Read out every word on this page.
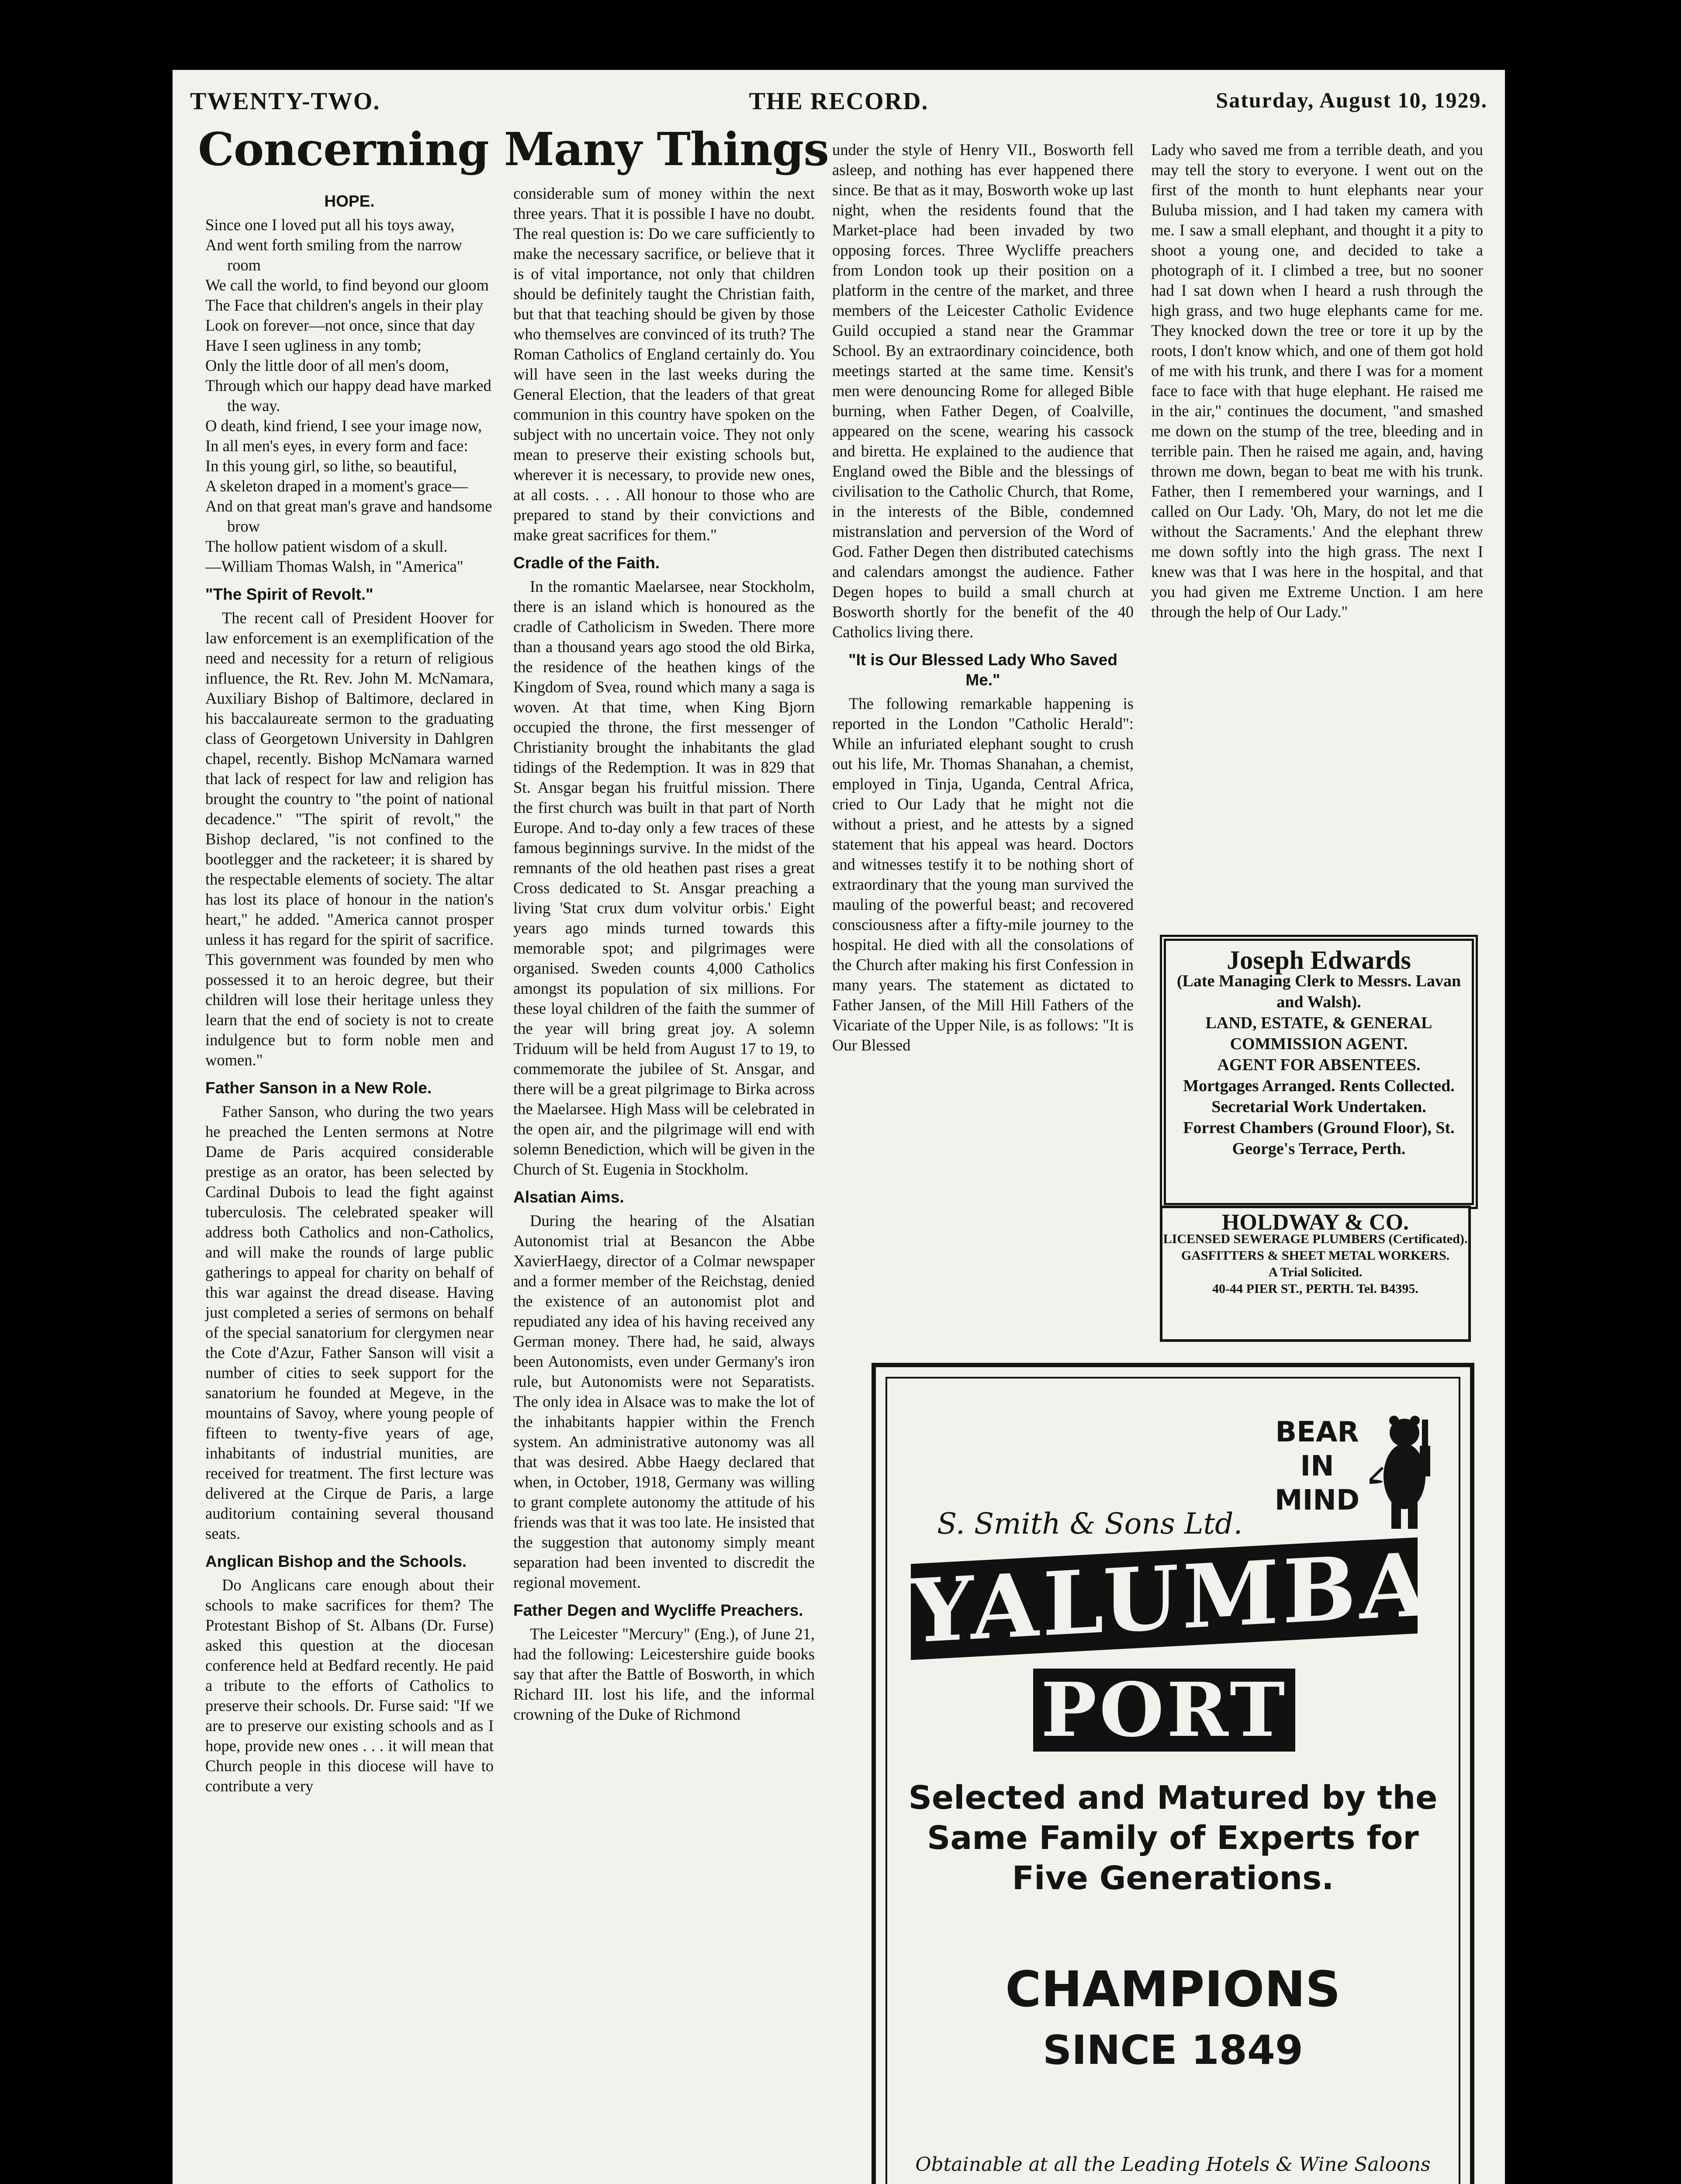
TWENTY-TWO.	THE RECORD.	Saturday, August 10, 1929.
Concerning Many Things
HOPE.

Since one I loved put all his toys away,

And went forth smiling from the narrow room

We call the world, to find beyond our gloom

The Face that children's angels in their play

Look on forever—not once, since that day

Have I seen ugliness in any tomb;

Only the little door of all men's doom,

Through which our happy dead have marked the way.

O death, kind friend, I see your image now,

In all men's eyes, in every form and face:

In this young girl, so lithe, so beautiful,

A skeleton draped in a moment's grace—

And on that great man's grave and handsome brow

The hollow patient wisdom of a skull.

—William Thomas Walsh, in "America"

"The Spirit of Revolt."

The recent call of President Hoover for law enforcement is an exemplification of the need and necessity for a return of religious influence, the Rt. Rev. John M. McNamara, Auxiliary Bishop of Baltimore, declared in his baccalaureate sermon to the graduating class of Georgetown University in Dahlgren chapel, recently. Bishop McNamara warned that lack of respect for law and religion has brought the country to "the point of national decadence." "The spirit of revolt," the Bishop declared, "is not confined to the bootlegger and the racketeer; it is shared by the respectable elements of society. The altar has lost its place of honour in the nation's heart," he added. "America cannot prosper unless it has regard for the spirit of sacrifice. This government was founded by men who possessed it to an heroic degree, but their children will lose their heritage unless they learn that the end of society is not to create indulgence but to form noble men and women."

Father Sanson in a New Role.

Father Sanson, who during the two years he preached the Lenten sermons at Notre Dame de Paris acquired considerable prestige as an orator, has been selected by Cardinal Dubois to lead the fight against tuberculosis. The celebrated speaker will address both Catholics and non-Catholics, and will make the rounds of large public gatherings to appeal for charity on behalf of this war against the dread disease. Having just completed a series of sermons on behalf of the special sanatorium for clergymen near the Cote d'Azur, Father Sanson will visit a number of cities to seek support for the sanatorium he founded at Megeve, in the mountains of Savoy, where young people of fifteen to twenty-five years of age, inhabitants of industrial munities, are received for treatment. The first lecture was delivered at the Cirque de Paris, a large auditorium containing several thousand seats.

Anglican Bishop and the Schools.

Do Anglicans care enough about their schools to make sacrifices for them? The Protestant Bishop of St. Albans (Dr. Furse) asked this question at the diocesan conference held at Bedfard recently. He paid a tribute to the efforts of Catholics to preserve their schools. Dr. Furse said: "If we are to preserve our existing schools and as I hope, provide new ones . . . it will mean that Church people in this diocese will have to contribute a very

considerable sum of money within the next three years. That it is possible I have no doubt. The real question is: Do we care sufficiently to make the necessary sacrifice, or believe that it is of vital importance, not only that children should be definitely taught the Christian faith, but that that teaching should be given by those who themselves are convinced of its truth? The Roman Catholics of England certainly do. You will have seen in the last weeks during the General Election, that the leaders of that great communion in this country have spoken on the subject with no uncertain voice. They not only mean to preserve their existing schools but, wherever it is necessary, to provide new ones, at all costs. . . . All honour to those who are prepared to stand by their convictions and make great sacrifices for them."

Cradle of the Faith.

In the romantic Maelarsee, near Stockholm, there is an island which is honoured as the cradle of Catholicism in Sweden. There more than a thousand years ago stood the old Birka, the residence of the heathen kings of the Kingdom of Svea, round which many a saga is woven. At that time, when King Bjorn occupied the throne, the first messenger of Christianity brought the inhabitants the glad tidings of the Redemption. It was in 829 that St. Ansgar began his fruitful mission. There the first church was built in that part of North Europe. And to-day only a few traces of these famous beginnings survive. In the midst of the remnants of the old heathen past rises a great Cross dedicated to St. Ansgar preaching a living 'Stat crux dum volvitur orbis.' Eight years ago minds turned towards this memorable spot; and pilgrimages were organised. Sweden counts 4,000 Catholics amongst its population of six millions. For these loyal children of the faith the summer of the year will bring great joy. A solemn Triduum will be held from August 17 to 19, to commemorate the jubilee of St. Ansgar, and there will be a great pilgrimage to Birka across the Maelarsee. High Mass will be celebrated in the open air, and the pilgrimage will end with solemn Benediction, which will be given in the Church of St. Eugenia in Stockholm.

Alsatian Aims.

During the hearing of the Alsatian Autonomist trial at Besancon the Abbe XavierHaegy, director of a Colmar newspaper and a former member of the Reichstag, denied the existence of an autonomist plot and repudiated any idea of his having received any German money. There had, he said, always been Autonomists, even under Germany's iron rule, but Autonomists were not Separatists. The only idea in Alsace was to make the lot of the inhabitants happier within the French system. An administrative autonomy was all that was desired. Abbe Haegy declared that when, in October, 1918, Germany was willing to grant complete autonomy the attitude of his friends was that it was too late. He insisted that the suggestion that autonomy simply meant separation had been invented to discredit the regional movement.

Father Degen and Wycliffe Preachers.

The Leicester "Mercury" (Eng.), of June 21, had the following: Leicestershire guide books say that after the Battle of Bosworth, in which Richard III. lost his life, and the informal crowning of the Duke of Richmond

under the style of Henry VII., Bosworth fell asleep, and nothing has ever happened there since. Be that as it may, Bosworth woke up last night, when the residents found that the Market-place had been invaded by two opposing forces. Three Wycliffe preachers from London took up their position on a platform in the centre of the market, and three members of the Leicester Catholic Evidence Guild occupied a stand near the Grammar School. By an extraordinary coincidence, both meetings started at the same time. Kensit's men were denouncing Rome for alleged Bible burning, when Father Degen, of Coalville, appeared on the scene, wearing his cassock and biretta. He explained to the audience that England owed the Bible and the blessings of civilisation to the Catholic Church, that Rome, in the interests of the Bible, condemned mistranslation and perversion of the Word of God. Father Degen then distributed catechisms and calendars amongst the audience. Father Degen hopes to build a small church at Bosworth shortly for the benefit of the 40 Catholics living there.

"It is Our Blessed Lady Who Saved Me."

The following remarkable happening is reported in the London "Catholic Herald": While an infuriated elephant sought to crush out his life, Mr. Thomas Shanahan, a chemist, employed in Tinja, Uganda, Central Africa, cried to Our Lady that he might not die without a priest, and he attests by a signed statement that his appeal was heard. Doctors and witnesses testify it to be nothing short of extraordinary that the young man survived the mauling of the powerful beast; and recovered consciousness after a fifty-mile journey to the hospital. He died with all the consolations of the Church after making his first Confession in many years. The statement as dictated to Father Jansen, of the Mill Hill Fathers of the Vicariate of the Upper Nile, is as follows: "It is Our Blessed

Lady who saved me from a terrible death, and you may tell the story to everyone. I went out on the first of the month to hunt elephants near your Buluba mission, and I had taken my camera with me. I saw a small elephant, and thought it a pity to shoot a young one, and decided to take a photograph of it. I climbed a tree, but no sooner had I sat down when I heard a rush through the high grass, and two huge elephants came for me. They knocked down the tree or tore it up by the roots, I don't know which, and one of them got hold of me with his trunk, and there I was for a moment face to face with that huge elephant. He raised me in the air," continues the document, "and smashed me down on the stump of the tree, bleeding and in terrible pain. Then he raised me again, and, having thrown me down, began to beat me with his trunk. Father, then I remembered your warnings, and I called on Our Lady. 'Oh, Mary, do not let me die without the Sacraments.' And the elephant threw me down softly into the high grass. The next I knew was that I was here in the hospital, and that you had given me Extreme Unction. I am here through the help of Our Lady."

Joseph Edwards
(Late Managing Clerk to Messrs. Lavan and Walsh).
LAND, ESTATE, & GENERAL COMMISSION AGENT.
AGENT FOR ABSENTEES.
Mortgages Arranged. Rents Collected. Secretarial Work Undertaken.
Forrest Chambers (Ground Floor), St. George's Terrace, Perth.
HOLDWAY & CO.
LICENSED SEWERAGE PLUMBERS (Certificated).
GASFITTERS & SHEET METAL WORKERS.
A Trial Solicited.
40-44 PIER ST., PERTH. Tel. B4395.
BEAR IN MIND
S. Smith & Sons Ltd.
YALUMBA
PORT
Selected and Matured by the Same Family of Experts for Five Generations.
CHAMPIONS
SINCE 1849
Obtainable at all the Leading Hotels & Wine Saloons
